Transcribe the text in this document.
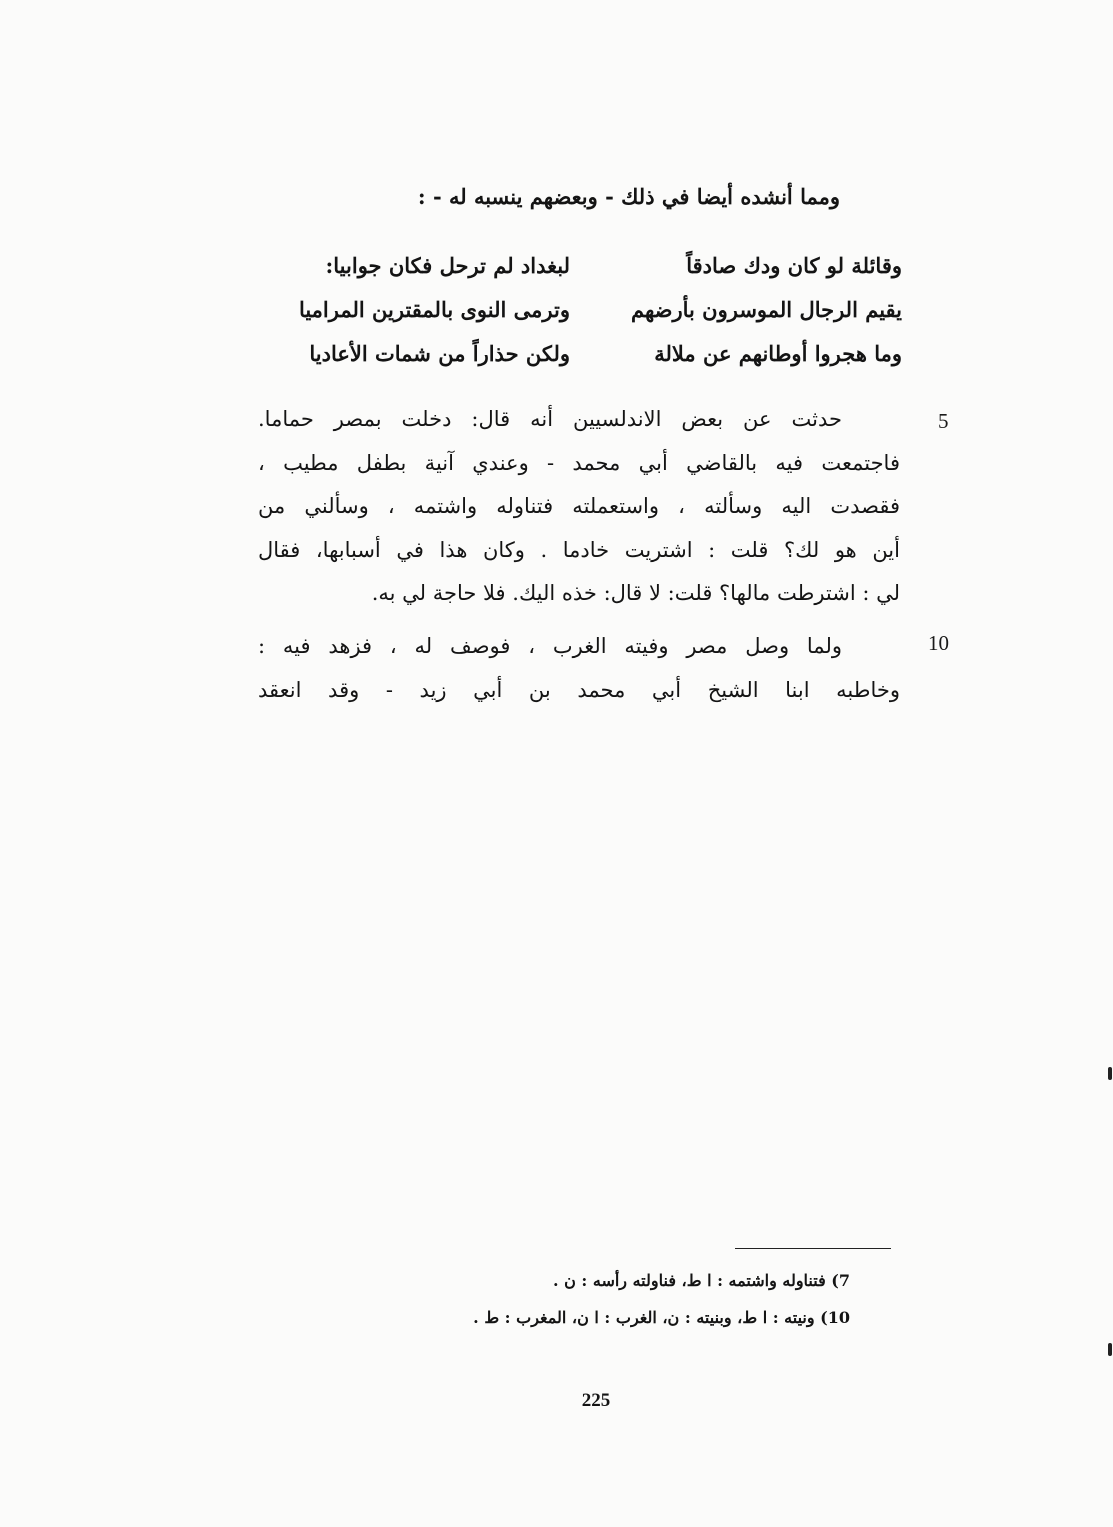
ومما أنشده أيضا في ذلك - وبعضهم ينسبه له - :
وقائلة لو كان ودك صادقاً
لبغداد لم ترحل فكان جوابيا:
يقيم الرجال الموسرون بأرضهم
وترمى النوى بالمقترين المراميا
وما هجروا أوطانهم عن ملالة
ولكن حذاراً من شمات الأعاديا
5
حدثت عن بعض الاندلسيين أنه قال: دخلت بمصر حماما.
فاجتمعت فيه بالقاضي أبي محمد - وعندي آنية بطفل مطيب ،
فقصدت اليه وسألته ، واستعملته فتناوله واشتمه ، وسألني من
أين هو لك؟ قلت : اشتريت خادما . وكان هذا في أسبابها، فقال
لي : اشترطت مالها؟ قلت: لا قال: خذه اليك. فلا حاجة لي به.
10
ولما وصل مصر وفيته الغرب ، فوصف له ، فزهد فيه :
وخاطبه ابنا الشيخ أبي محمد بن أبي زيد - وقد انعقد
7) فتناوله واشتمه : ا ط، فناولته رأسه : ن .
10) ونيته : ا ط، وبنيته : ن، الغرب : ا ن، المغرب : ط .
225
